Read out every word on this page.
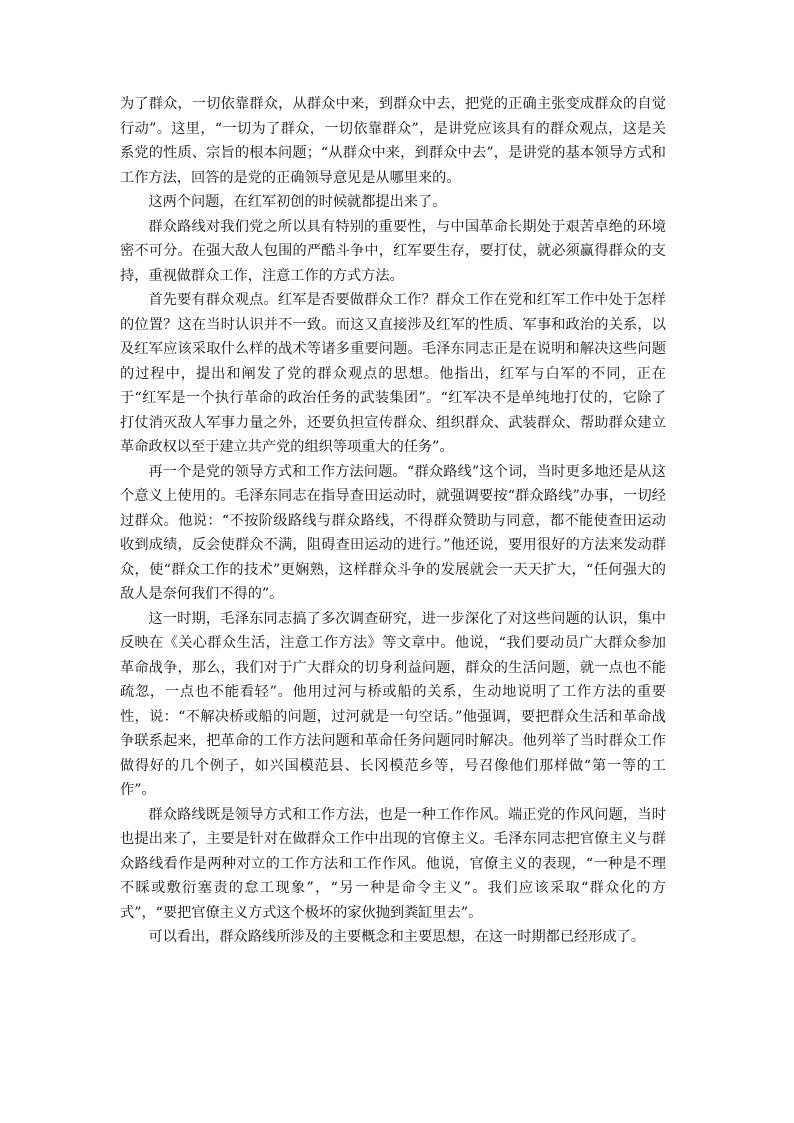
为了群众，一切依靠群众，从群众中来，到群众中去，把党的正确主张变成群众的自觉行动”。这里，“一切为了群众，一切依靠群众”，是讲党应该具有的群众观点，这是关系党的性质、宗旨的根本问题；“从群众中来，到群众中去”，是讲党的基本领导方式和工作方法，回答的是党的正确领导意见是从哪里来的。

这两个问题，在红军初创的时候就都提出来了。

群众路线对我们党之所以具有特别的重要性，与中国革命长期处于艰苦卓绝的环境密不可分。在强大敌人包围的严酷斗争中，红军要生存，要打仗，就必须赢得群众的支持，重视做群众工作，注意工作的方式方法。

首先要有群众观点。红军是否要做群众工作？群众工作在党和红军工作中处于怎样的位置？这在当时认识并不一致。而这又直接涉及红军的性质、军事和政治的关系，以及红军应该采取什么样的战术等诸多重要问题。毛泽东同志正是在说明和解决这些问题的过程中，提出和阐发了党的群众观点的思想。他指出，红军与白军的不同，正在于“红军是一个执行革命的政治任务的武装集团”。“红军决不是单纯地打仗的，它除了打仗消灭敌人军事力量之外，还要负担宣传群众、组织群众、武装群众、帮助群众建立革命政权以至于建立共产党的组织等项重大的任务”。

再一个是党的领导方式和工作方法问题。“群众路线”这个词，当时更多地还是从这个意义上使用的。毛泽东同志在指导查田运动时，就强调要按“群众路线”办事，一切经过群众。他说：“不按阶级路线与群众路线，不得群众赞助与同意，都不能使查田运动收到成绩，反会使群众不满，阻碍查田运动的进行。”他还说，要用很好的方法来发动群众，使“群众工作的技术”更娴熟，这样群众斗争的发展就会一天天扩大，“任何强大的敌人是奈何我们不得的”。

这一时期，毛泽东同志搞了多次调查研究，进一步深化了对这些问题的认识，集中反映在《关心群众生活，注意工作方法》等文章中。他说，“我们要动员广大群众参加革命战争，那么，我们对于广大群众的切身利益问题，群众的生活问题，就一点也不能疏忽，一点也不能看轻”。他用过河与桥或船的关系，生动地说明了工作方法的重要性，说：“不解决桥或船的问题，过河就是一句空话。”他强调，要把群众生活和革命战争联系起来，把革命的工作方法问题和革命任务问题同时解决。他列举了当时群众工作做得好的几个例子，如兴国模范县、长冈模范乡等，号召像他们那样做“第一等的工作”。

群众路线既是领导方式和工作方法，也是一种工作作风。端正党的作风问题，当时也提出来了，主要是针对在做群众工作中出现的官僚主义。毛泽东同志把官僚主义与群众路线看作是两种对立的工作方法和工作作风。他说，官僚主义的表现，“一种是不理不睬或敷衍塞责的怠工现象”，“另一种是命令主义”。我们应该采取“群众化的方式”，“要把官僚主义方式这个极坏的家伙抛到粪缸里去”。

可以看出，群众路线所涉及的主要概念和主要思想，在这一时期都已经形成了。
